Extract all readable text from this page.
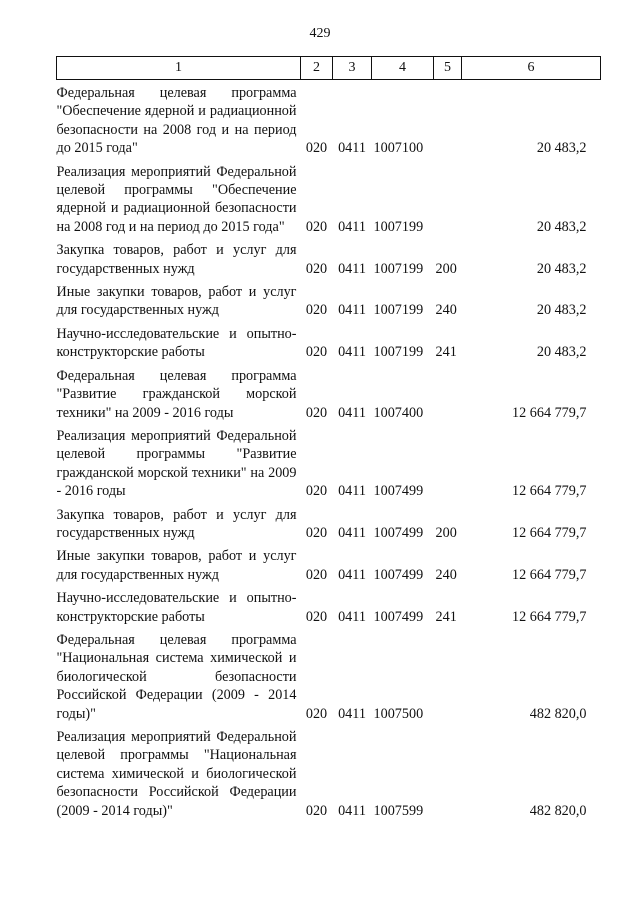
429
1	2	3	4	5	6
Федеральная целевая программа "Обеспечение ядерной и радиационной безопасности на 2008 год и на период до 2015 года"	020	0411	1007100		20 483,2
Реализация мероприятий Федеральной целевой программы "Обеспечение ядерной и радиационной безопасности на 2008 год и на период до 2015 года"	020	0411	1007199		20 483,2
Закупка товаров, работ и услуг для государственных нужд	020	0411	1007199	200	20 483,2
Иные закупки товаров, работ и услуг для государственных нужд	020	0411	1007199	240	20 483,2
Научно-исследовательские и опытно-конструкторские работы	020	0411	1007199	241	20 483,2
Федеральная целевая программа "Развитие гражданской морской техники" на 2009 - 2016 годы	020	0411	1007400		12 664 779,7
Реализация мероприятий Федеральной целевой программы "Развитие гражданской морской техники" на 2009 - 2016 годы	020	0411	1007499		12 664 779,7
Закупка товаров, работ и услуг для государственных нужд	020	0411	1007499	200	12 664 779,7
Иные закупки товаров, работ и услуг для государственных нужд	020	0411	1007499	240	12 664 779,7
Научно-исследовательские и опытно-конструкторские работы	020	0411	1007499	241	12 664 779,7
Федеральная целевая программа "Национальная система химической и биологической безопасности Российской Федерации (2009 - 2014 годы)"	020	0411	1007500		482 820,0
Реализация мероприятий Федеральной целевой программы "Национальная система химической и биологической безопасности Российской Федерации (2009 - 2014 годы)"	020	0411	1007599		482 820,0
